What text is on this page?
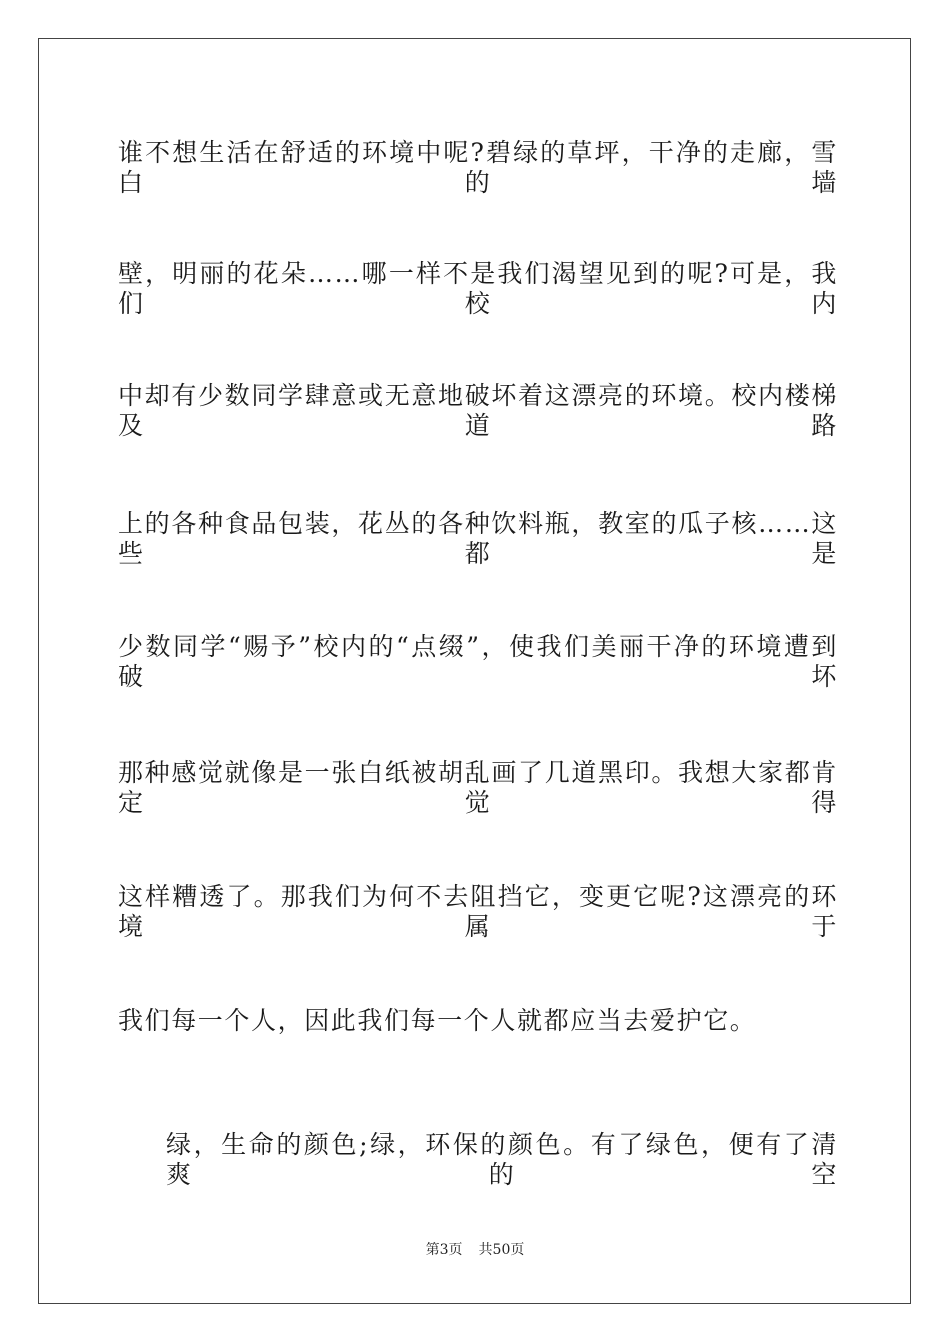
谁不想生活在舒适的环境中呢?碧绿的草坪，干净的走廊，雪白的墙
壁，明丽的花朵……哪一样不是我们渴望见到的呢?可是，我们校内
中却有少数同学肆意或无意地破坏着这漂亮的环境。校内楼梯及道路
上的各种食品包装，花丛的各种饮料瓶，教室的瓜子核……这些都是
少数同学“赐予”校内的“点缀”，使我们美丽干净的环境遭到破坏
那种感觉就像是一张白纸被胡乱画了几道黑印。我想大家都肯定觉得
这样糟透了。那我们为何不去阻挡它，变更它呢?这漂亮的环境属于
我们每一个人，因此我们每一个人就都应当去爱护它。
绿，生命的颜色;绿，环保的颜色。有了绿色，便有了清爽的空
第3页 共50页
